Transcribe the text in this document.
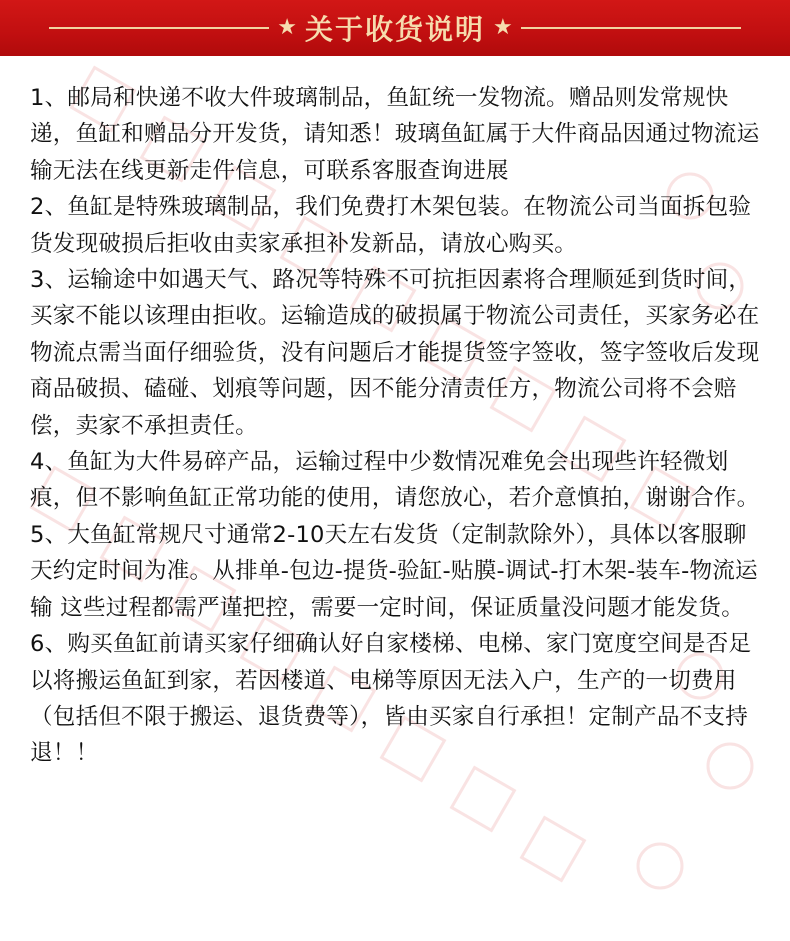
★ 关于收货说明 ★

1、邮局和快递不收大件玻璃制品，鱼缸统一发物流。赠品则发常规快递，鱼缸和赠品分开发货，请知悉！玻璃鱼缸属于大件商品因通过物流运输无法在线更新走件信息，可联系客服查询进展

2、鱼缸是特殊玻璃制品，我们免费打木架包装。在物流公司当面拆包验货发现破损后拒收由卖家承担补发新品，请放心购买。

3、运输途中如遇天气、路况等特殊不可抗拒因素将合理顺延到货时间，买家不能以该理由拒收。运输造成的破损属于物流公司责任，买家务必在物流点需当面仔细验货，没有问题后才能提货签字签收，签字签收后发现商品破损、磕碰、划痕等问题，因不能分清责任方，物流公司将不会赔偿，卖家不承担责任。

4、鱼缸为大件易碎产品，运输过程中少数情况难免会出现些许轻微划痕，但不影响鱼缸正常功能的使用，请您放心，若介意慎拍，谢谢合作。

5、大鱼缸常规尺寸通常2-10天左右发货（定制款除外），具体以客服聊天约定时间为准。从排单-包边-提货-验缸-贴膜-调试-打木架-装车-物流运输 这些过程都需严谨把控，需要一定时间，保证质量没问题才能发货。

6、购买鱼缸前请买家仔细确认好自家楼梯、电梯、家门宽度空间是否足以将搬运鱼缸到家，若因楼道、电梯等原因无法入户，生产的一切费用（包括但不限于搬运、退货费等），皆由买家自行承担！定制产品不支持退！！
